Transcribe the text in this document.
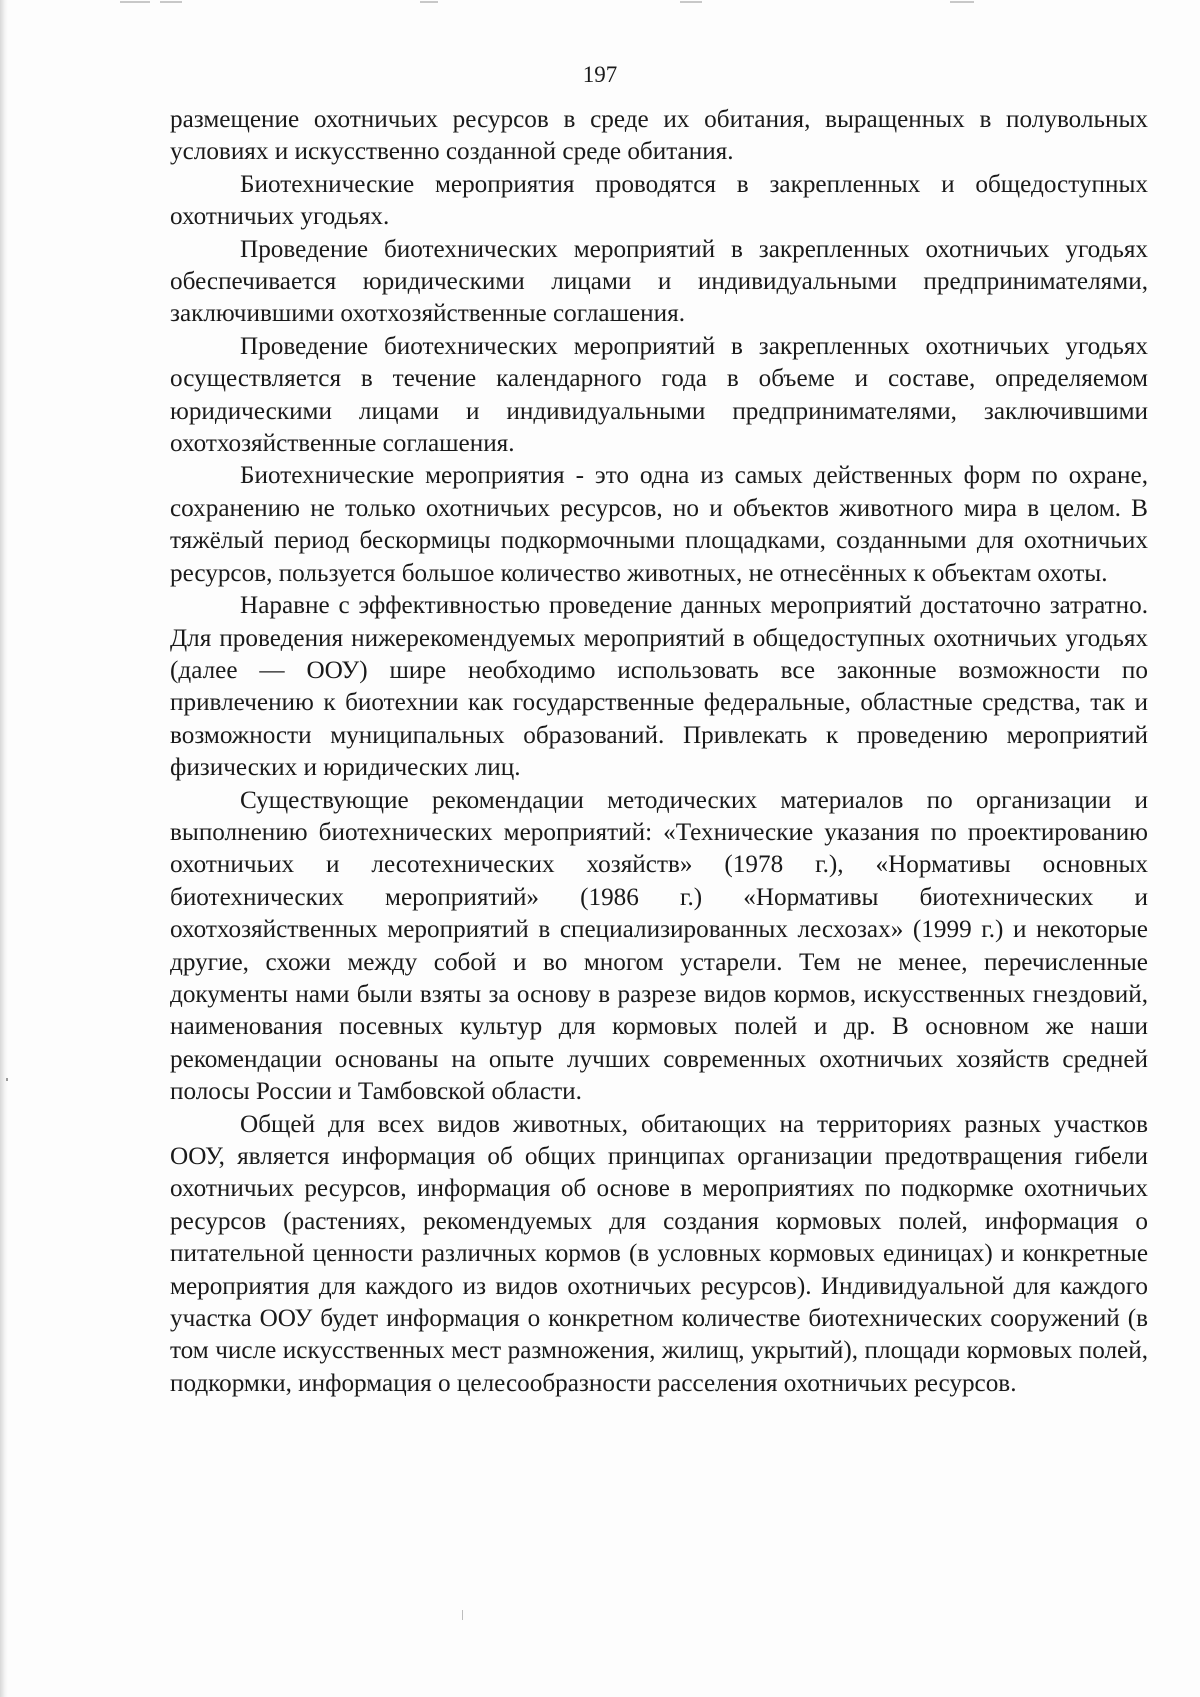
197

размещение охотничьих ресурсов в среде их обитания, выращенных в полувольных условиях и искусственно созданной среде обитания.

Биотехнические мероприятия проводятся в закрепленных и общедоступных охотничьих угодьях.

Проведение биотехнических мероприятий в закрепленных охотничьих угодьях обеспечивается юридическими лицами и индивидуальными предпринимателями, заключившими охотхозяйственные соглашения.

Проведение биотехнических мероприятий в закрепленных охотничьих угодьях осуществляется в течение календарного года в объеме и составе, определяемом юридическими лицами и индивидуальными предпринимателями, заключившими охотхозяйственные соглашения.

Биотехнические мероприятия - это одна из самых действенных форм по охране, сохранению не только охотничьих ресурсов, но и объектов животного мира в целом. В тяжёлый период бескормицы подкормочными площадками, созданными для охотничьих ресурсов, пользуется большое количество животных, не отнесённых к объектам охоты.

Наравне с эффективностью проведение данных мероприятий достаточно затратно. Для проведения нижерекомендуемых мероприятий в общедоступных охотничьих угодьях (далее — ООУ) шире необходимо использовать все законные возможности по привлечению к биотехнии как государственные федеральные, областные средства, так и возможности муниципальных образований. Привлекать к проведению мероприятий физических и юридических лиц.

Существующие рекомендации методических материалов по организации и выполнению биотехнических мероприятий: «Технические указания по проектированию охотничьих и лесотехнических хозяйств» (1978 г.), «Нормативы основных биотехнических мероприятий» (1986 г.) «Нормативы биотехнических и охотхозяйственных мероприятий в специализированных лесхозах» (1999 г.) и некоторые другие, схожи между собой и во многом устарели. Тем не менее, перечисленные документы нами были взяты за основу в разрезе видов кормов, искусственных гнездовий, наименования посевных культур для кормовых полей и др. В основном же наши рекомендации основаны на опыте лучших современных охотничьих хозяйств средней полосы России и Тамбовской области.

Общей для всех видов животных, обитающих на территориях разных участков ООУ, является информация об общих принципах организации предотвращения гибели охотничьих ресурсов, информация об основе в мероприятиях по подкормке охотничьих ресурсов (растениях, рекомендуемых для создания кормовых полей, информация о питательной ценности различных кормов (в условных кормовых единицах) и конкретные мероприятия для каждого из видов охотничьих ресурсов). Индивидуальной для каждого участка ООУ будет информация о конкретном количестве биотехнических сооружений (в том числе искусственных мест размножения, жилищ, укрытий), площади кормовых полей, подкормки, информация о целесообразности расселения охотничьих ресурсов.
